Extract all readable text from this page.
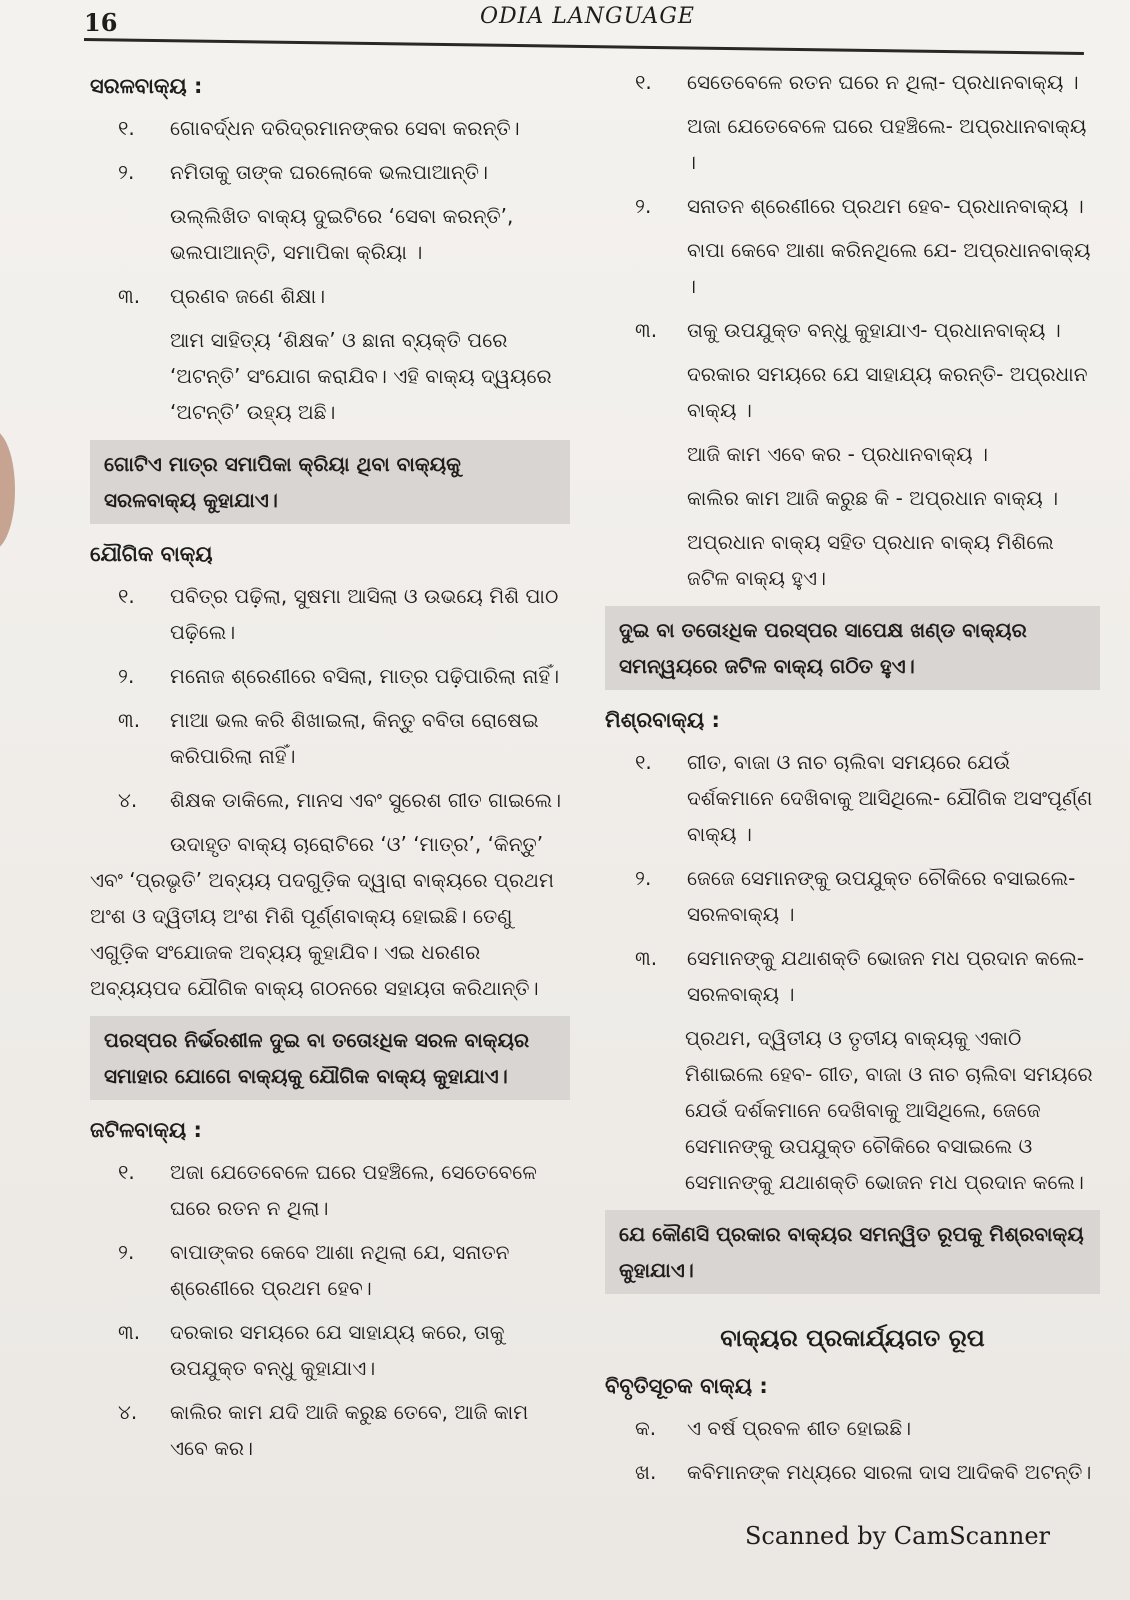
16	ODIA LANGUAGE
ସରଳବାକ୍ୟ :
୧.	ଗୋବର୍ଦ୍ଧନ ଦରିଦ୍ରମାନଙ୍କର ସେବା କରନ୍ତି।
୨.	ନମିତାକୁ ତାଙ୍କ ଘରଲୋକେ ଭଲପାଆନ୍ତି।
ଉଲ୍ଲିଖିତ ବାକ୍ୟ ଦୁଇଟିରେ ‘ସେବା କରନ୍ତି’, ଭଲପାଆନ୍ତି, ସମାପିକା କ୍ରିୟା ।
୩.	ପ୍ରଣବ ଜଣେ ଶିକ୍ଷା।
ଆମ ସାହିତ୍ୟ ‘ଶିକ୍ଷକ’ ଓ ଛାନା ବ୍ୟକ୍ତି ପରେ ‘ଅଟନ୍ତି’ ସଂଯୋଗ କରାଯିବ। ଏହି ବାକ୍ୟ ଦ୍ୱୟରେ ‘ଅଟନ୍ତି’ ଉହ୍ୟ ଅଛି।
ଗୋଟିଏ ମାତ୍ର ସମାପିକା କ୍ରିୟା ଥିବା ବାକ୍ୟକୁ ସରଳବାକ୍ୟ କୁହାଯାଏ।
ଯୌଗିକ ବାକ୍ୟ
୧.	ପବିତ୍ର ପଢ଼ିଲା, ସୁଷମା ଆସିଲା ଓ ଉଭୟେ ମିଶି ପାଠ ପଢ଼ିଲେ।
୨.	ମନୋଜ ଶ୍ରେଣୀରେ ବସିଲା, ମାତ୍ର ପଢ଼ିପାରିଲା ନାହିଁ।
୩.	ମାଆ ଭଲ କରି ଶିଖାଇଲା, କିନ୍ତୁ ବବିତା ରୋଷେଇ କରିପାରିଲା ନାହିଁ।
୪.	ଶିକ୍ଷକ ଡାକିଲେ, ମାନସ ଏବଂ ସୁରେଶ ଗୀତ ଗାଇଲେ।
ଉଦାହୃତ ବାକ୍ୟ ଚାରୋଟିରେ ‘ଓ’ ‘ମାତ୍ର’, ‘କିନ୍ତୁ’ ଏବଂ ‘ପ୍ରଭୃତି’ ଅବ୍ୟୟ ପଦଗୁଡ଼ିକ ଦ୍ୱାରା ବାକ୍ୟରେ ପ୍ରଥମ ଅଂଶ ଓ ଦ୍ୱିତୀୟ ଅଂଶ ମିଶି ପୂର୍ଣ୍ଣବାକ୍ୟ ହୋଇଛି। ତେଣୁ ଏଗୁଡ଼ିକ ସଂଯୋଜକ ଅବ୍ୟୟ କୁହାଯିବ। ଏଇ ଧରଣର ଅବ୍ୟୟପଦ ଯୌଗିକ ବାକ୍ୟ ଗଠନରେ ସହାୟତା କରିଥାନ୍ତି।
ପରସ୍ପର ନିର୍ଭରଶୀଳ ଦୁଇ ବା ତତୋଽଧିକ ସରଳ ବାକ୍ୟର ସମାହାର ଯୋଗେ ବାକ୍ୟକୁ ଯୌଗିକ ବାକ୍ୟ କୁହାଯାଏ।
ଜଟିଳବାକ୍ୟ :
୧.	ଅଜା ଯେତେବେଳେ ଘରେ ପହଞ୍ଚିଲେ, ସେତେବେଳେ ଘରେ ରତନ ନ ଥିଲା।
୨.	ବାପାଙ୍କର କେବେ ଆଶା ନଥିଲା ଯେ, ସନାତନ ଶ୍ରେଣୀରେ ପ୍ରଥମ ହେବ।
୩.	ଦରକାର ସମୟରେ ଯେ ସାହାଯ୍ୟ କରେ, ତାକୁ ଉପଯୁକ୍ତ ବନ୍ଧୁ କୁହାଯାଏ।
୪.	କାଲିର କାମ ଯଦି ଆଜି କରୁଛ ତେବେ, ଆଜି କାମ ଏବେ କର।
୧.	ସେତେବେଳେ ରତନ ଘରେ ନ ଥିଲା- ପ୍ରଧାନବାକ୍ୟ ।
ଅଜା ଯେତେବେଳେ ଘରେ ପହଞ୍ଚିଲେ- ଅପ୍ରଧାନବାକ୍ୟ ।
୨.	ସନାତନ ଶ୍ରେଣୀରେ ପ୍ରଥମ ହେବ- ପ୍ରଧାନବାକ୍ୟ ।
ବାପା କେବେ ଆଶା କରିନଥିଲେ ଯେ- ଅପ୍ରଧାନବାକ୍ୟ ।
୩.	ତାକୁ ଉପଯୁକ୍ତ ବନ୍ଧୁ କୁହାଯାଏ- ପ୍ରଧାନବାକ୍ୟ ।
ଦରକାର ସମୟରେ ଯେ ସାହାଯ୍ୟ କରନ୍ତି- ଅପ୍ରଧାନ ବାକ୍ୟ ।
ଆଜି କାମ ଏବେ କର - ପ୍ରଧାନବାକ୍ୟ ।
କାଲିର କାମ ଆଜି କରୁଛ କି - ଅପ୍ରଧାନ ବାକ୍ୟ ।
ଅପ୍ରଧାନ ବାକ୍ୟ ସହିତ ପ୍ରଧାନ ବାକ୍ୟ ମିଶିଲେ ଜଟିଳ ବାକ୍ୟ ହୁଏ।
ଦୁଇ ବା ତତୋଽଧିକ ପରସ୍ପର ସାପେକ୍ଷ ଖଣ୍ଡ ବାକ୍ୟର ସମନ୍ୱୟରେ ଜଟିଳ ବାକ୍ୟ ଗଠିତ ହୁଏ।
ମିଶ୍ରବାକ୍ୟ :
୧.	ଗୀତ, ବାଜା ଓ ନାଚ ଚାଲିବା ସମୟରେ ଯେଉଁ ଦର୍ଶକମାନେ ଦେଖିବାକୁ ଆସିଥିଲେ- ଯୌଗିକ ଅସଂପୂର୍ଣ୍ଣ ବାକ୍ୟ ।
୨.	ଜେଜେ ସେମାନଙ୍କୁ ଉପଯୁକ୍ତ ଚୌକିରେ ବସାଇଲେ- ସରଳବାକ୍ୟ ।
୩.	ସେମାନଙ୍କୁ ଯଥାଶକ୍ତି ଭୋଜନ ମଧ ପ୍ରଦାନ କଲେ- ସରଳବାକ୍ୟ ।
ପ୍ରଥମ, ଦ୍ୱିତୀୟ ଓ ତୃତୀୟ ବାକ୍ୟକୁ ଏକାଠି ମିଶାଇଲେ ହେବ- ଗୀତ, ବାଜା ଓ ନାଚ ଚାଲିବା ସମୟରେ ଯେଉଁ ଦର୍ଶକମାନେ ଦେଖିବାକୁ ଆସିଥିଲେ, ଜେଜେ ସେମାନଙ୍କୁ ଉପଯୁକ୍ତ ଚୌକିରେ ବସାଇଲେ ଓ ସେମାନଙ୍କୁ ଯଥାଶକ୍ତି ଭୋଜନ ମଧ ପ୍ରଦାନ କଲେ।
ଯେ କୌଣସି ପ୍ରକାର ବାକ୍ୟର ସମନ୍ୱିତ ରୂପକୁ ମିଶ୍ରବାକ୍ୟ କୁହାଯାଏ।
ବାକ୍ୟର ପ୍ରକାର୍ଯ୍ୟଗତ ରୂପ
ବିବୃତିସୂଚକ ବାକ୍ୟ :
କ.	ଏ ବର୍ଷ ପ୍ରବଳ ଶୀତ ହୋଇଛି।
ଖ.	କବିମାନଙ୍କ ମଧ୍ୟରେ ସାରଳା ଦାସ ଆଦିକବି ଅଟନ୍ତି।
Scanned by CamScanner
